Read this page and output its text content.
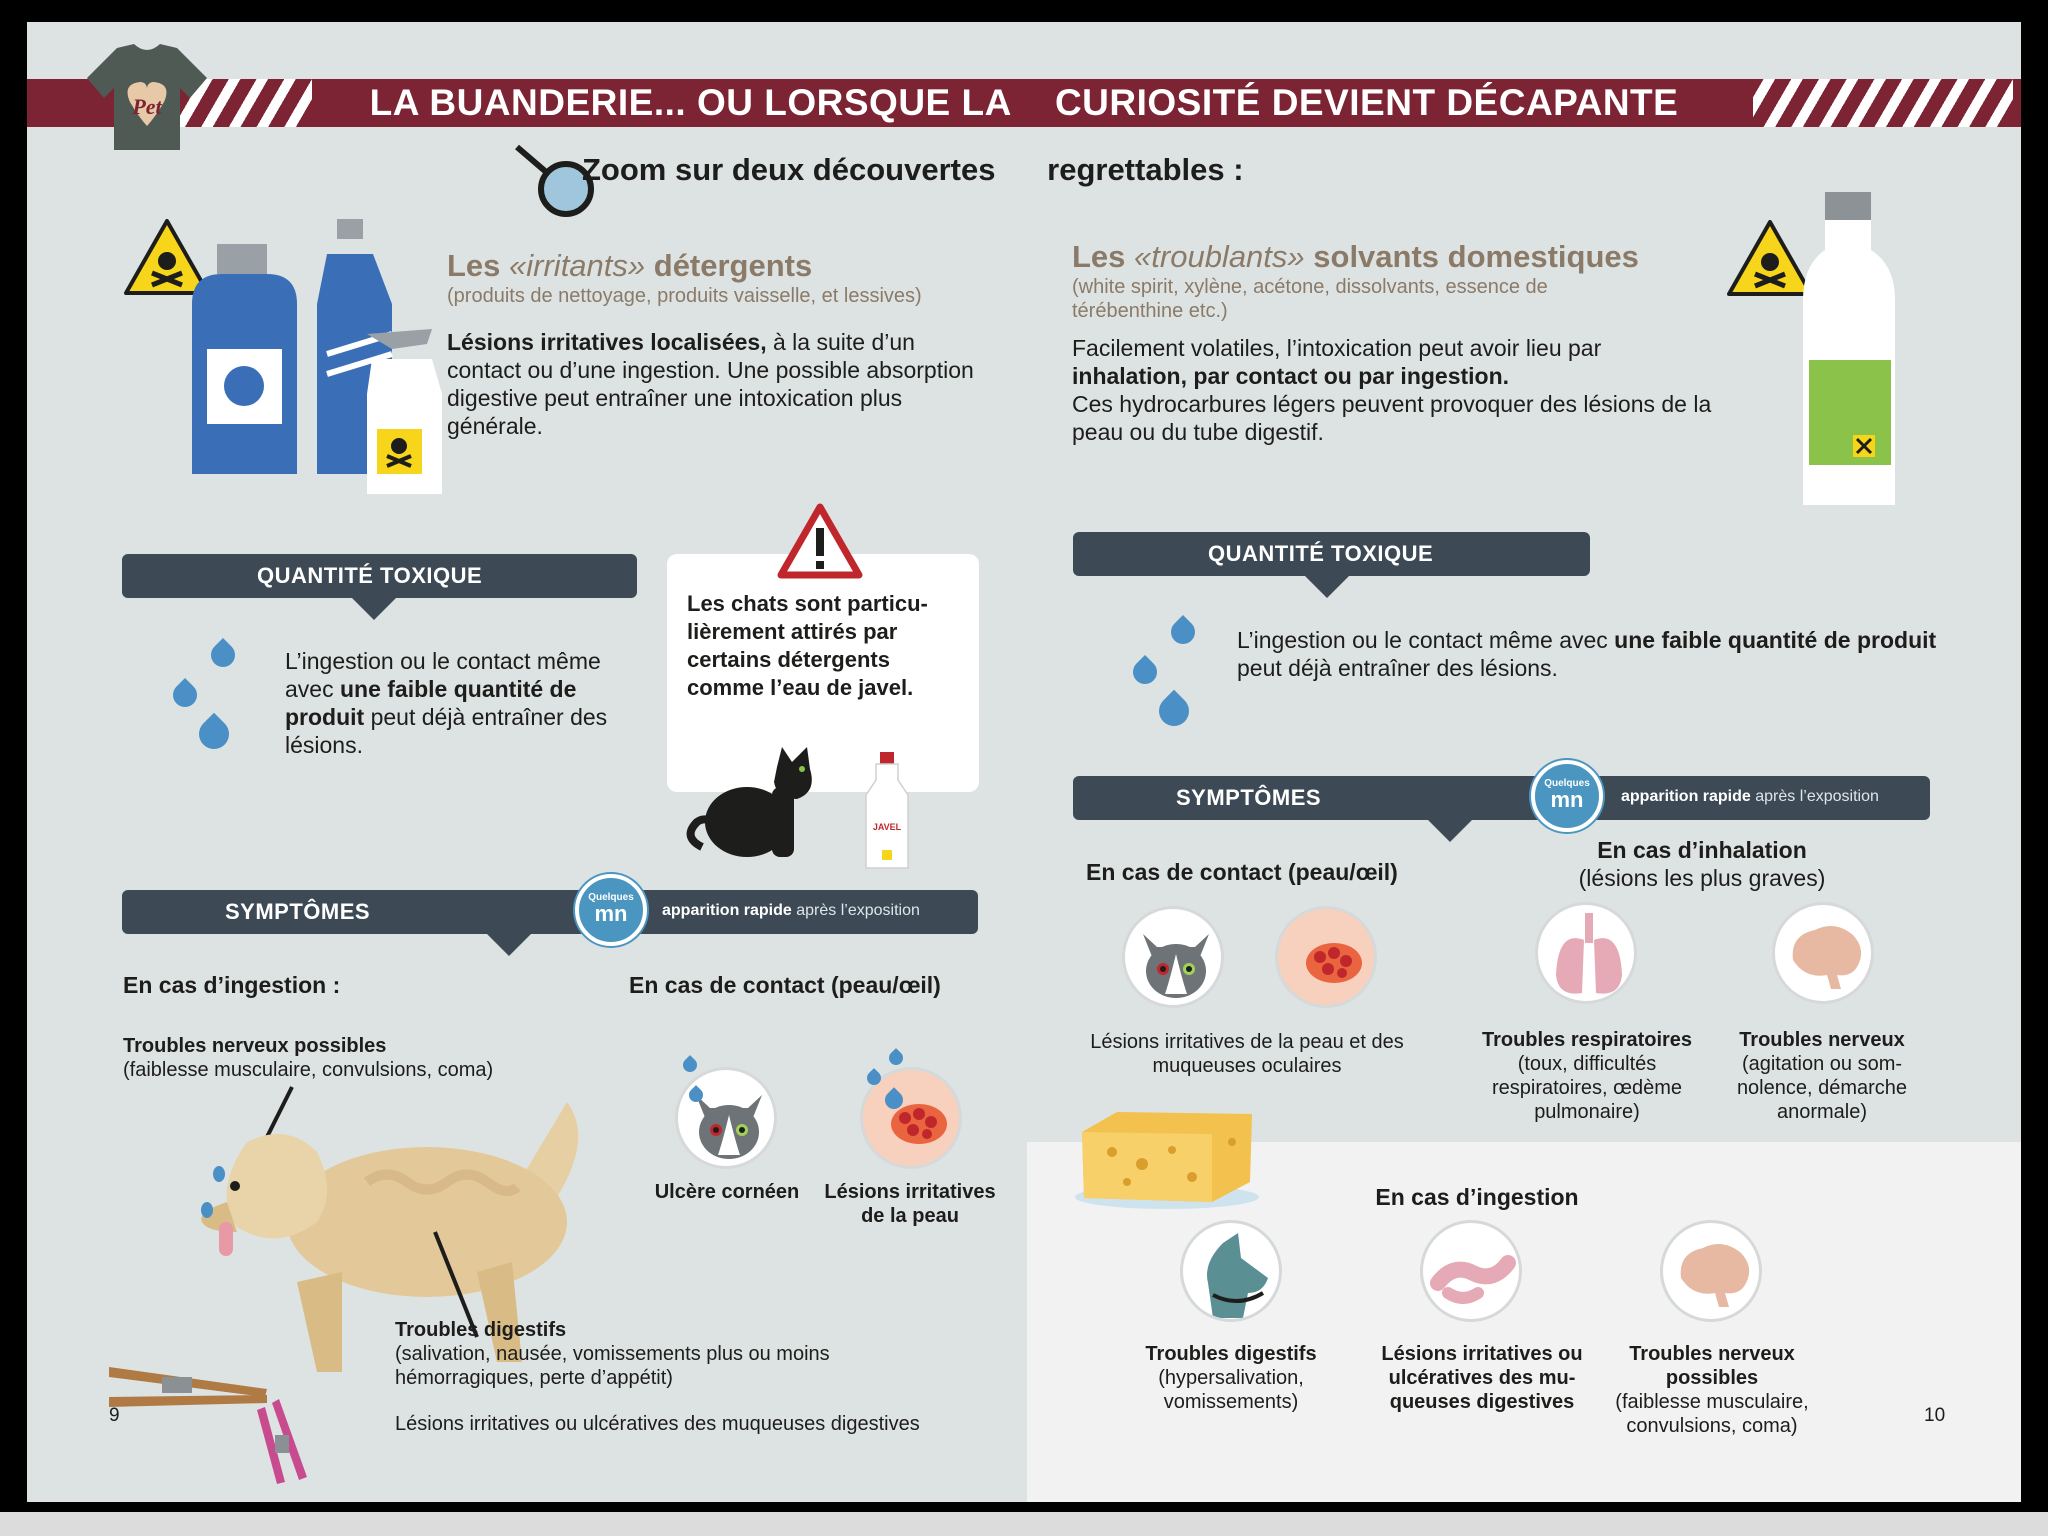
LA BUANDERIE... OU LORSQUE LA CURIOSITÉ DEVIENT DÉCAPANTE
Pet
Zoom sur deux découvertes regrettables :
Les «irritants» détergents
(produits de nettoyage, produits vaisselle, et lessives)
Lésions irritatives localisées, à la suite d’un contact ou d’une ingestion. Une possible absorption digestive peut entraîner une intoxication plus générale.
QUANTITÉ TOXIQUE
L’ingestion ou le contact même avec une faible quantité de produit peut déjà entraîner des lésions.
Les chats sont particu-lièrement attirés par certains détergents comme l’eau de javel.
JAVEL
SYMPTÔMES	apparition rapide après l’exposition
Quelques
mn
En cas d’ingestion :	En cas de contact (peau/œil)
Troubles nerveux possibles
(faiblesse musculaire, convulsions, coma)
Troubles digestifs
(salivation, nausée, vomissements plus ou moins hémorragiques, perte d’appétit)
Lésions irritatives ou ulcératives des muqueuses digestives
Ulcère cornéen	Lésions irritatives de la peau
9
Les «troublants» solvants domestiques
(white spirit, xylène, acétone, dissolvants, essence de térébenthine etc.)
Facilement volatiles, l’intoxication peut avoir lieu par inhalation, par contact ou par ingestion.
Ces hydrocarbures légers peuvent provoquer des lésions de la peau ou du tube digestif.
QUANTITÉ TOXIQUE
L’ingestion ou le contact même avec une faible quantité de produit peut déjà entraîner des lésions.
SYMPTÔMES	apparition rapide après l’exposition
Quelques
mn
En cas de contact (peau/œil)
En cas d’inhalation
(lésions les plus graves)
Lésions irritatives de la peau et des muqueuses oculaires
Troubles respiratoires
(toux, difficultés respiratoires, œdème pulmonaire)
Troubles nerveux
(agitation ou som-nolence, démarche anormale)
En cas d’ingestion
Troubles digestifs
(hypersalivation, vomissements)
Lésions irritatives ou ulcératives des mu-queuses digestives
Troubles nerveux possibles
(faiblesse musculaire, convulsions, coma)	10
